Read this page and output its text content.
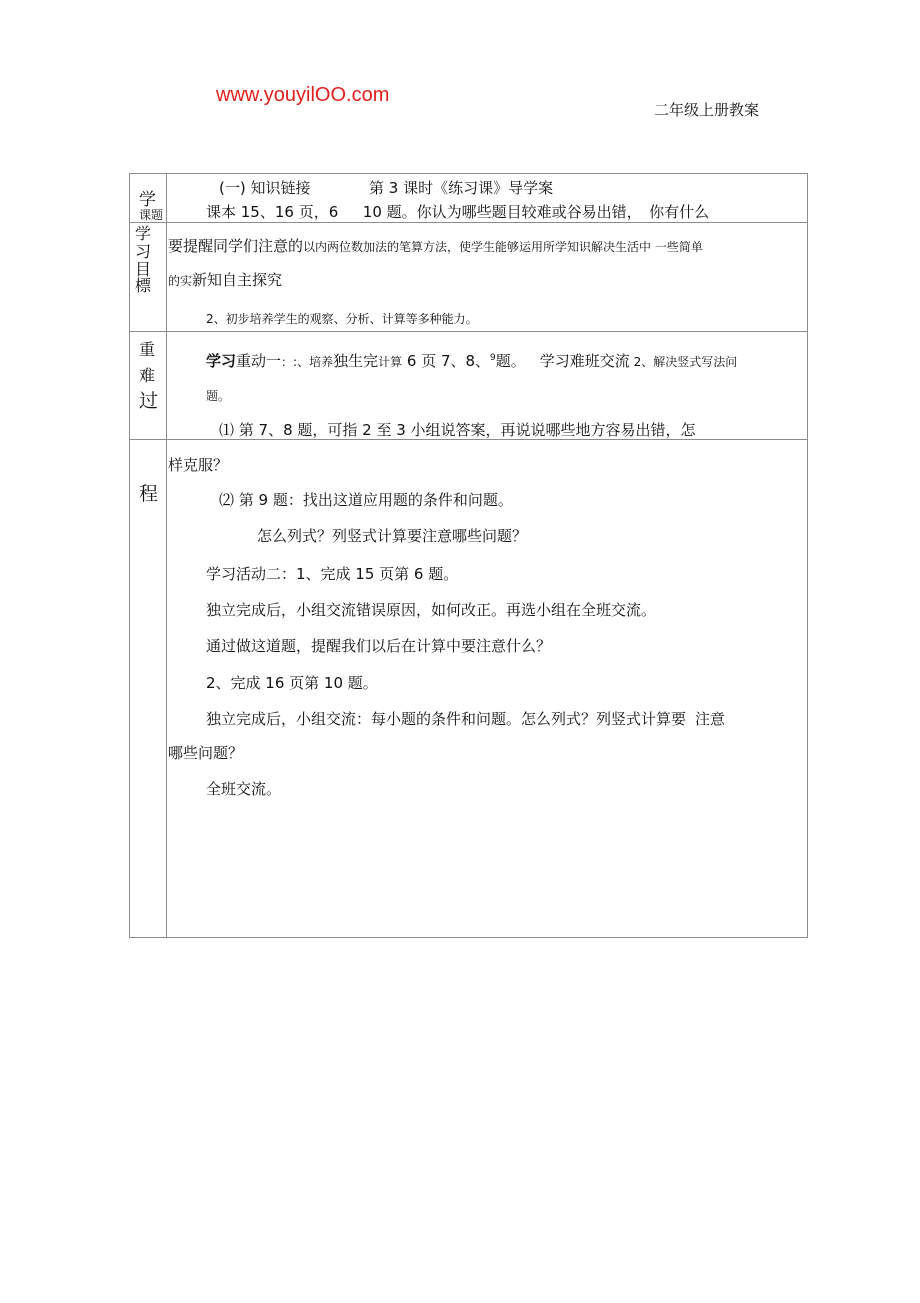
www.youyilOO.com
二年级上册教案
学
课题
学
习
目
標
重
难
过
程
(一) 知识链接	第 3 课时《练习课》导学案
课本 15、16 页，6 　 10 题。你认为哪些题目较难或谷易出错，　你有什么
要提醒同学们注意的以内两位数加法的笔算方法，使学生能够运用所学知识解决生活中 一些简单
的实新知自主探究
2、初步培养学生的观察、分析、计算等多种能力。
学习重动一：:、培养独生完计算 6 页 7、8、$^9$题。 学习难班交流 2、解决竖式写法问
题。
⑴ 第 7、8 题，可指 2 至 3 小组说答案，再说说哪些地方容易出错，怎
样克服？
⑵ 第 9 题：找出这道应用题的条件和问题。
怎么列式？列竖式计算要注意哪些问题？
学习活动二：1、完成 15 页第 6 题。
独立完成后，小组交流错误原因，如何改正。再选小组在全班交流。
通过做这道题，提醒我们以后在计算中要注意什么？
2、完成 16 页第 10 题。
独立完成后，小组交流：每小题的条件和问题。怎么列式？列竖式计算要 注意
哪些问题？
全班交流。
